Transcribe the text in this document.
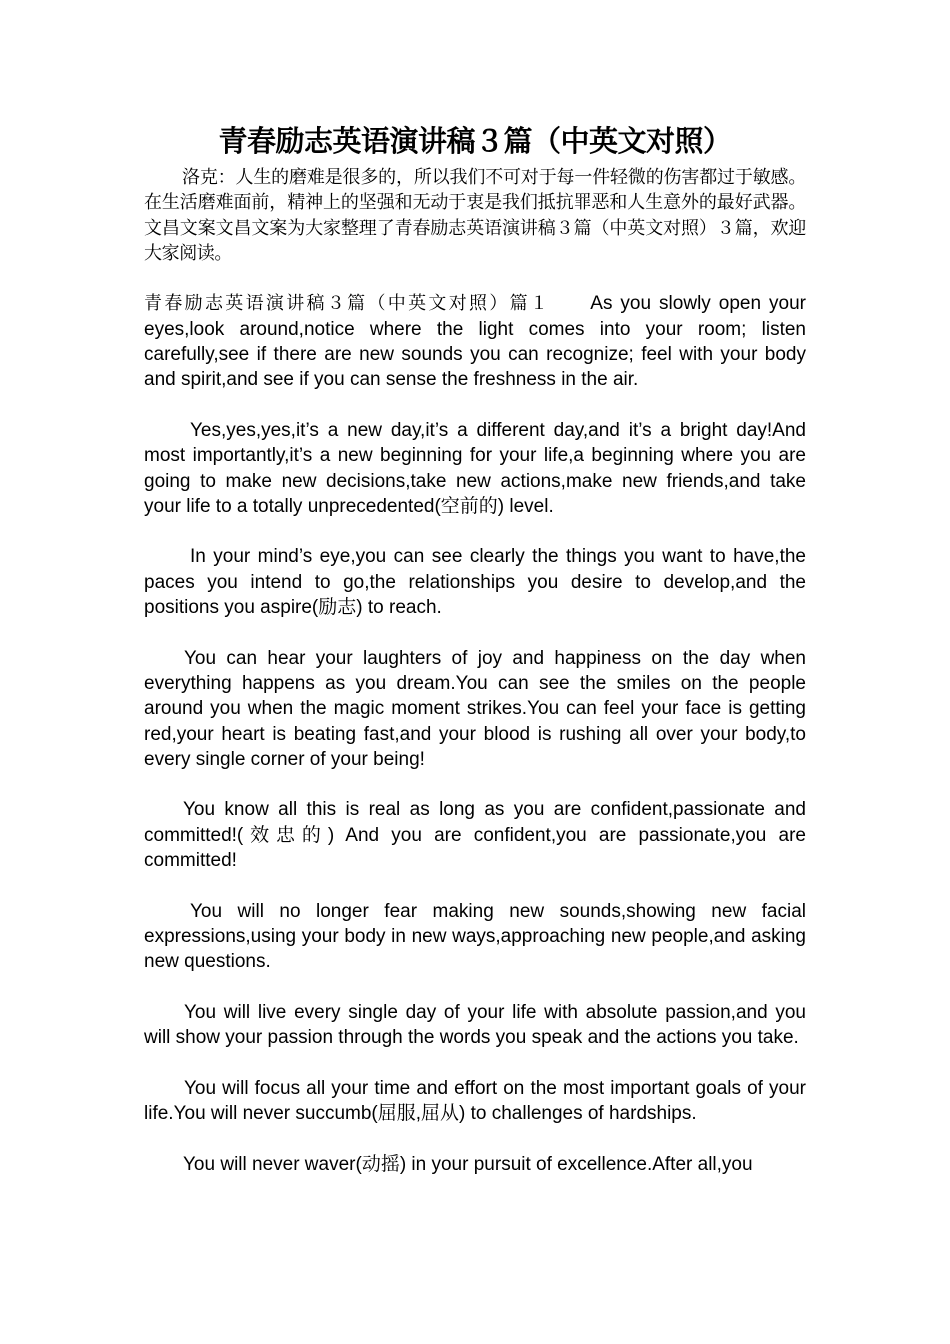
青春励志英语演讲稿３篇（中英文对照）
洛克：人生的磨难是很多的，所以我们不可对于每一件轻微的伤害都过于敏感。在生活磨难面前，精神上的坚强和无动于衷是我们抵抗罪恶和人生意外的最好武器。 文昌文案文昌文案为大家整理了青春励志英语演讲稿３篇（中英文对照）３篇，欢迎大家阅读。
青春励志英语演讲稿３篇（中英文对照）篇１ As you slowly open your eyes,look around,notice where the light comes into your room; listen carefully,see if there are new sounds you can recognize; feel with your body and spirit,and see if you can sense the freshness in the air.
Yes,yes,yes,it’s a new day,it’s a different day,and it’s a bright day!And most importantly,it’s a new beginning for your life,a beginning where you are going to make new decisions,take new actions,make new friends,and take your life to a totally unprecedented(空前的) level.
In your mind’s eye,you can see clearly the things you want to have,the paces you intend to go,the relationships you desire to develop,and the positions you aspire(励志) to reach.
You can hear your laughters of joy and happiness on the day when everything happens as you dream.You can see the smiles on the people around you when the magic moment strikes.You can feel your face is getting red,your heart is beating fast,and your blood is rushing all over your body,to every single corner of your being!
You know all this is real as long as you are confident,passionate and committed!(效忠的) And you are confident,you are passionate,you are committed!
You will no longer fear making new sounds,showing new facial expressions,using your body in new ways,approaching new people,and asking new questions.
You will live every single day of your life with absolute passion,and you will show your passion through the words you speak and the actions you take.
You will focus all your time and effort on the most important goals of your life.You will never succumb(屈服,屈从) to challenges of hardships.
You will never waver(动摇) in your pursuit of excellence.After all,you
